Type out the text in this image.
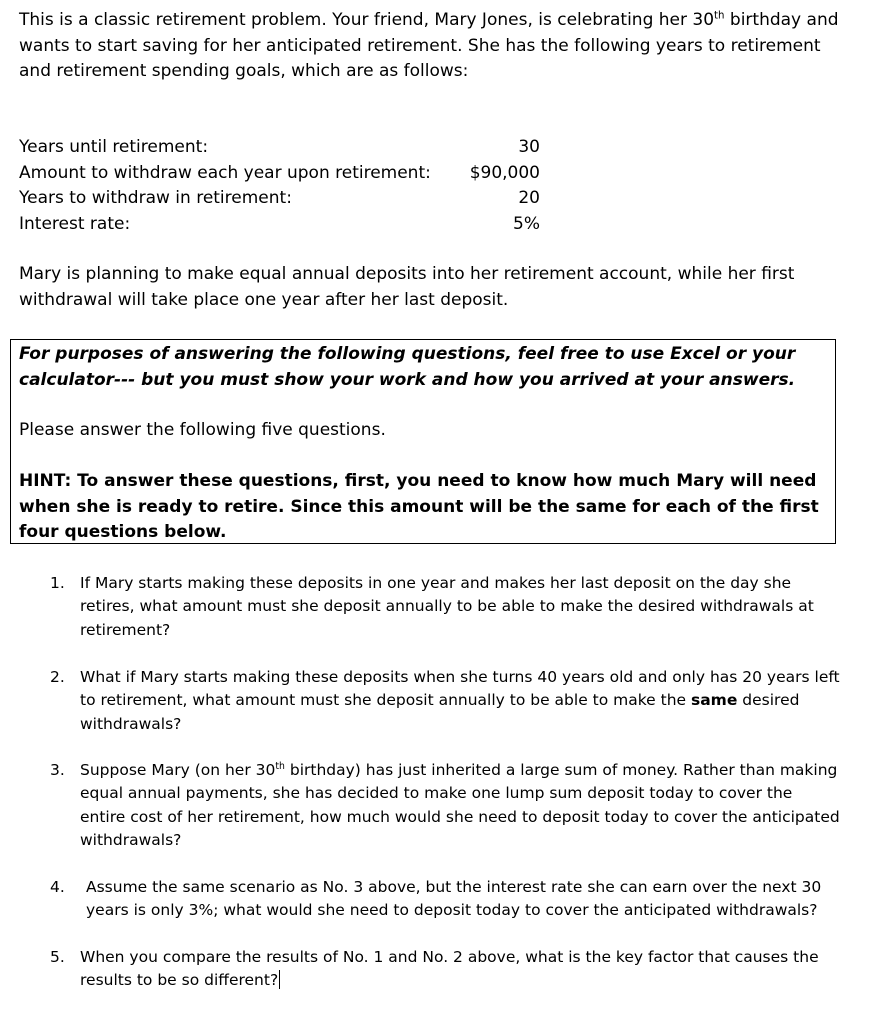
This is a classic retirement problem. Your friend, Mary Jones, is celebrating her 30th birthday and wants to start saving for her anticipated retirement. She has the following years to retirement and retirement spending goals, which are as follows:
Years until retirement:	30
Amount to withdraw each year upon retirement: $90,000
Years to withdraw in retirement:	20
Interest rate:	5%
Mary is planning to make equal annual deposits into her retirement account, while her first withdrawal will take place one year after her last deposit.
For purposes of answering the following questions, feel free to use Excel or your calculator--- but you must show your work and how you arrived at your answers.
Please answer the following five questions.
HINT: To answer these questions, first, you need to know how much Mary will need when she is ready to retire. Since this amount will be the same for each of the first four questions below.
1. If Mary starts making these deposits in one year and makes her last deposit on the day she retires, what amount must she deposit annually to be able to make the desired withdrawals at retirement?
2. What if Mary starts making these deposits when she turns 40 years old and only has 20 years left to retirement, what amount must she deposit annually to be able to make the same desired withdrawals?
3. Suppose Mary (on her 30th birthday) has just inherited a large sum of money. Rather than making equal annual payments, she has decided to make one lump sum deposit today to cover the entire cost of her retirement, how much would she need to deposit today to cover the anticipated withdrawals?
4. Assume the same scenario as No. 3 above, but the interest rate she can earn over the next 30 years is only 3%; what would she need to deposit today to cover the anticipated withdrawals?
5. When you compare the results of No. 1 and No. 2 above, what is the key factor that causes the results to be so different?
